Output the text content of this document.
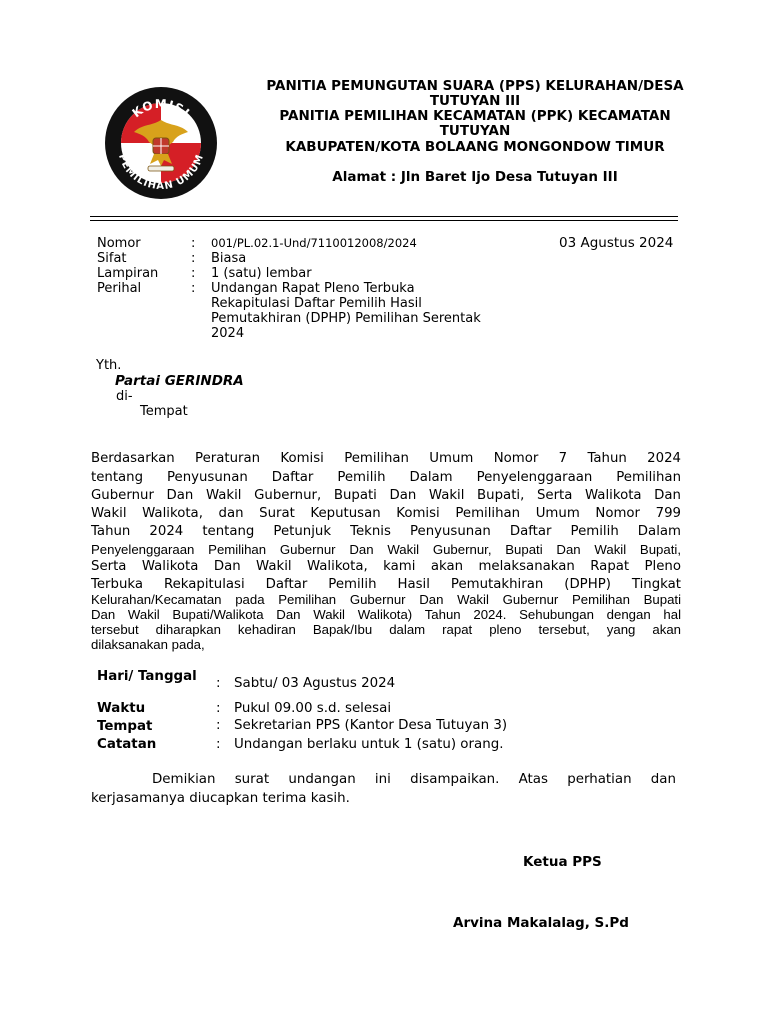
KOMISI
PEMILIHAN UMUM
PANITIA PEMUNGUTAN SUARA (PPS) KELURAHAN/DESA
TUTUYAN III
PANITIA PEMILIHAN KECAMATAN (PPK) KECAMATAN
TUTUYAN
KABUPATEN/KOTA BOLAANG MONGONDOW TIMUR
Alamat : Jln Baret Ijo Desa Tutuyan III
03 Agustus 2024
Nomor	: 001/PL.02.1-Und/7110012008/2024
Sifat	: Biasa
Lampiran	: 1 (satu) lembar
Perihal	: Undangan Rapat Pleno Terbuka
Rekapitulasi Daftar Pemilih Hasil
Pemutakhiran (DPHP) Pemilihan Serentak
2024
Yth.
Partai GERINDRA
di-
Tempat
Berdasarkan Peraturan Komisi Pemilihan Umum Nomor 7 Tahun 2024
tentang Penyusunan Daftar Pemilih Dalam Penyelenggaraan Pemilihan
Gubernur Dan Wakil Gubernur, Bupati Dan Wakil Bupati, Serta Walikota Dan
Wakil Walikota, dan Surat Keputusan Komisi Pemilihan Umum Nomor 799
Tahun 2024 tentang Petunjuk Teknis Penyusunan Daftar Pemilih Dalam
Penyelenggaraan Pemilihan Gubernur Dan Wakil Gubernur, Bupati Dan Wakil Bupati,
Serta Walikota Dan Wakil Walikota, kami akan melaksanakan Rapat Pleno
Terbuka Rekapitulasi Daftar Pemilih Hasil Pemutakhiran (DPHP) Tingkat
Kelurahan/Kecamatan pada Pemilihan Gubernur Dan Wakil Gubernur Pemilihan Bupati
Dan Wakil Bupati/Walikota Dan Wakil Walikota) Tahun 2024. Sehubungan dengan hal
tersebut diharapkan kehadiran Bapak/Ibu dalam rapat pleno tersebut, yang akan
dilaksanakan pada,
Hari/ Tanggal : Sabtu/ 03 Agustus 2024
Waktu	: Pukul 09.00 s.d. selesai
Tempat	: Sekretarian PPS (Kantor Desa Tutuyan 3)
Catatan	: Undangan berlaku untuk 1 (satu) orang.
Demikian surat undangan ini disampaikan. Atas perhatian dan
kerjasamanya diucapkan terima kasih.
Ketua PPS
Arvina Makalalag, S.Pd
